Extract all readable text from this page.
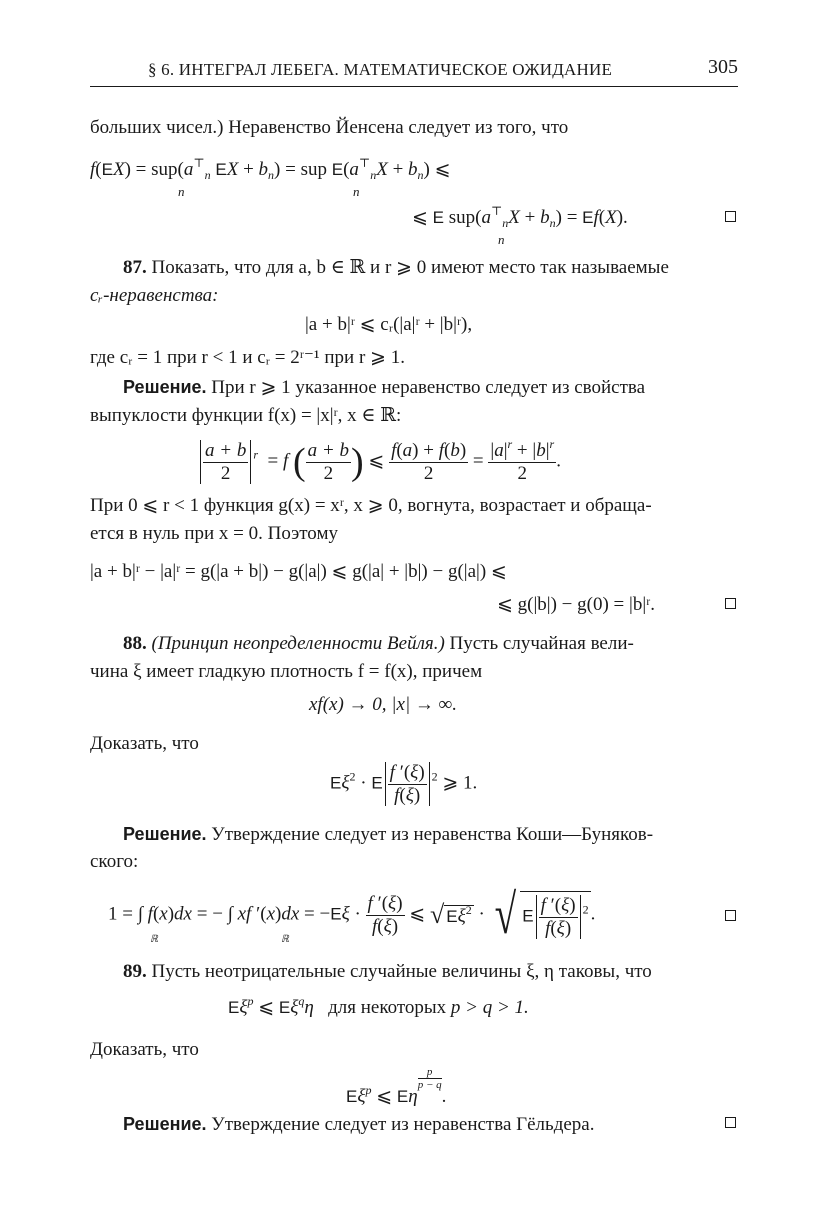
§ 6. ИНТЕГРАЛ ЛЕБЕГА. МАТЕМАТИЧЕСКОЕ ОЖИДАНИЕ	305
больших чисел.) Неравенство Йенсена следует из того, что
$f(EX) = sup(a^⊤_n$ EX + $b_n$) = sup $E(a^⊤_nX + b_n)$ ⩽
n	n
⩽ E $sup(a^⊤_nX + b_n) = Ef(X)$.
n
87. Показать, что для a, b ∈ ℝ и r ⩾ 0 имеют место так называемые
cᵣ-неравенства:
|a + b|ʳ ⩽ cᵣ(|a|ʳ + |b|ʳ),
где cᵣ = 1 при r < 1 и cᵣ = 2ʳ⁻¹ при r ⩾ 1.
Решение. При r ⩾ 1 указанное неравенство следует из свойства
выпуклости функции f(x) = |x|ʳ, x ∈ ℝ:
$\frac{a + b}{2} ^r = f$ ( $\frac{a + b}{2}$ ) ⩽ $\frac{f(a) + f(b)}{2} = \frac{|a|^r + |b|^r}{2}$ .
При 0 ⩽ r < 1 функция g(x) = xʳ, x ⩾ 0, вогнута, возрастает и обраща-
ется в нуль при x = 0. Поэтому
|a + b|ʳ − |a|ʳ = g(|a + b|) − g(|a|) ⩽ g(|a| + |b|) − g(|a|) ⩽
⩽ g(|b|) − g(0) = |b|ʳ.
88. (Принцип неопределенности Вейля.) Пусть случайная вели-
чина ξ имеет гладкую плотность f = f(x), причем
xf(x) → 0, |x| → ∞.
Доказать, что
$E\xi^2 \cdot E \frac{f '(\xi)}{f(\xi)} ^2$ ⩾ 1.
Решение. Утверждение следует из неравенства Коши—Буняков-
ского:
1 = ∫ f(x)dx = − ∫ xf $'(x)dx = -E\xi \cdot \frac{f '(\xi)}{f(\xi)}$ ⩽ √ $E\xi^2$ · √ E $\frac{f '(\xi)}{f(\xi)} ^2$ .
ℝ	ℝ
89. Пусть неотрицательные случайные величины ξ, η таковы, что
$E\xi^p$ ⩽ $E\xi^q\eta$ для некоторых p > q > 1.
Доказать, что
$E\xi^p$ ⩽ Eη
$\frac{p}{p - q}$
.
Решение. Утверждение следует из неравенства Гёльдера.
